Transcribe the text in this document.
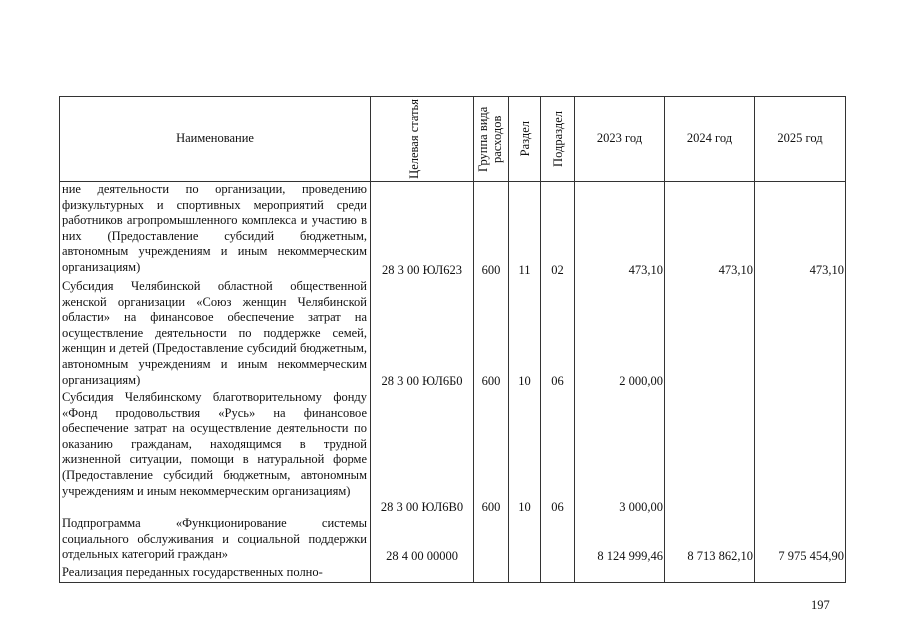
Наименование	Целевая статья	Группа вида расходов	Раздел	Подраздел	2023 год	2024 год	2025 год

ние деятельности по организации, проведению физкультурных и спортивных мероприятий среди работников агропромышленного комплекса и участию в них (Предоставление субсидий бюджетным, автономным учреждениям и иным некоммерческим организациям)	28 3 00 ЮЛ623	600	11	02	473,10	473,10	473,10

Субсидия Челябинской областной общественной женской организации «Союз женщин Челябинской области» на финансовое обеспечение затрат на осуществление деятельности по поддержке семей, женщин и детей (Предоставление субсидий бюджетным, автономным учреждениям и иным некоммерческим организациям)	28 3 00 ЮЛ6Б0	600	10	06	2 000,00		

Субсидия Челябинскому благотворительному фонду «Фонд продовольствия «Русь» на финансовое обеспечение затрат на осуществление деятельности по оказанию гражданам, находящимся в трудной жизненной ситуации, помощи в натуральной форме (Предоставление субсидий бюджетным, автономным учреждениям и иным некоммерческим организациям)	28 3 00 ЮЛ6В0	600	10	06	3 000,00		

Подпрограмма «Функционирование системы социального обслуживания и социальной поддержки отдельных категорий граждан»	28 4 00 00000				8 124 999,46	8 713 862,10	7 975 454,90

Реализация переданных государственных полно-							

197
